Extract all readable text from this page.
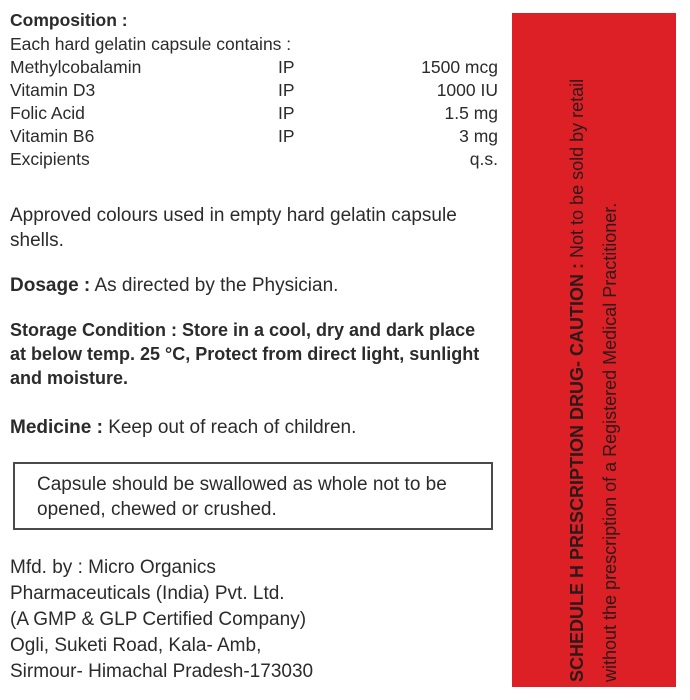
Composition :
Each hard gelatin capsule contains :
Methylcobalamin	IP	1500 mcg
Vitamin D3	IP	1000 IU
Folic Acid	IP	1.5 mg
Vitamin B6	IP	3 mg
Excipients	q.s.
Approved colours used in empty hard gelatin capsule shells.
Dosage : As directed by the Physician.
Storage Condition : Store in a cool, dry and dark place at below temp. 25 °C, Protect from direct light, sunlight and moisture.
Medicine : Keep out of reach of children.
Capsule should be swallowed as whole not to be opened, chewed or crushed.
Mfd. by : Micro Organics
Pharmaceuticals (India) Pvt. Ltd.
(A GMP & GLP Certified Company)
Ogli, Suketi Road, Kala- Amb,
Sirmour- Himachal Pradesh-173030	SCHEDULE H PRESCRIPTION DRUG- CAUTION : Not to be sold by retail without the prescription of a Registered Medical Practitioner.
